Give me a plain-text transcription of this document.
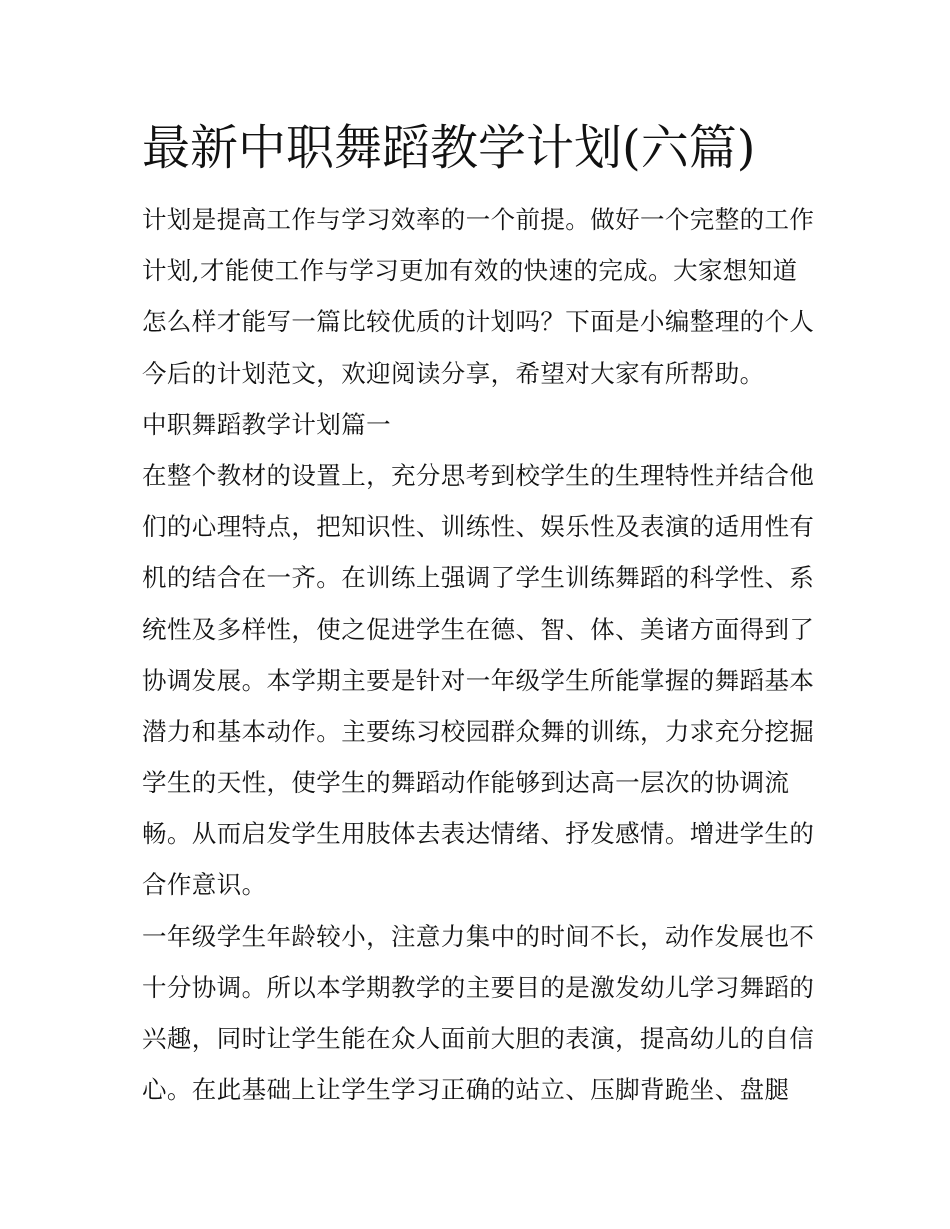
最新中职舞蹈教学计划(六篇)
计划是提高工作与学习效率的一个前提。做好一个完整的工作
计划,才能使工作与学习更加有效的快速的完成。大家想知道
怎么样才能写一篇比较优质的计划吗？下面是小编整理的个人
今后的计划范文，欢迎阅读分享，希望对大家有所帮助。
中职舞蹈教学计划篇一
在整个教材的设置上，充分思考到校学生的生理特性并结合他
们的心理特点，把知识性、训练性、娱乐性及表演的适用性有
机的结合在一齐。在训练上强调了学生训练舞蹈的科学性、系
统性及多样性，使之促进学生在德、智、体、美诸方面得到了
协调发展。本学期主要是针对一年级学生所能掌握的舞蹈基本
潜力和基本动作。主要练习校园群众舞的训练，力求充分挖掘
学生的天性，使学生的舞蹈动作能够到达高一层次的协调流
畅。从而启发学生用肢体去表达情绪、抒发感情。增进学生的
合作意识。
一年级学生年龄较小，注意力集中的时间不长，动作发展也不
十分协调。所以本学期教学的主要目的是激发幼儿学习舞蹈的
兴趣，同时让学生能在众人面前大胆的表演，提高幼儿的自信
心。在此基础上让学生学习正确的站立、压脚背跪坐、盘腿
